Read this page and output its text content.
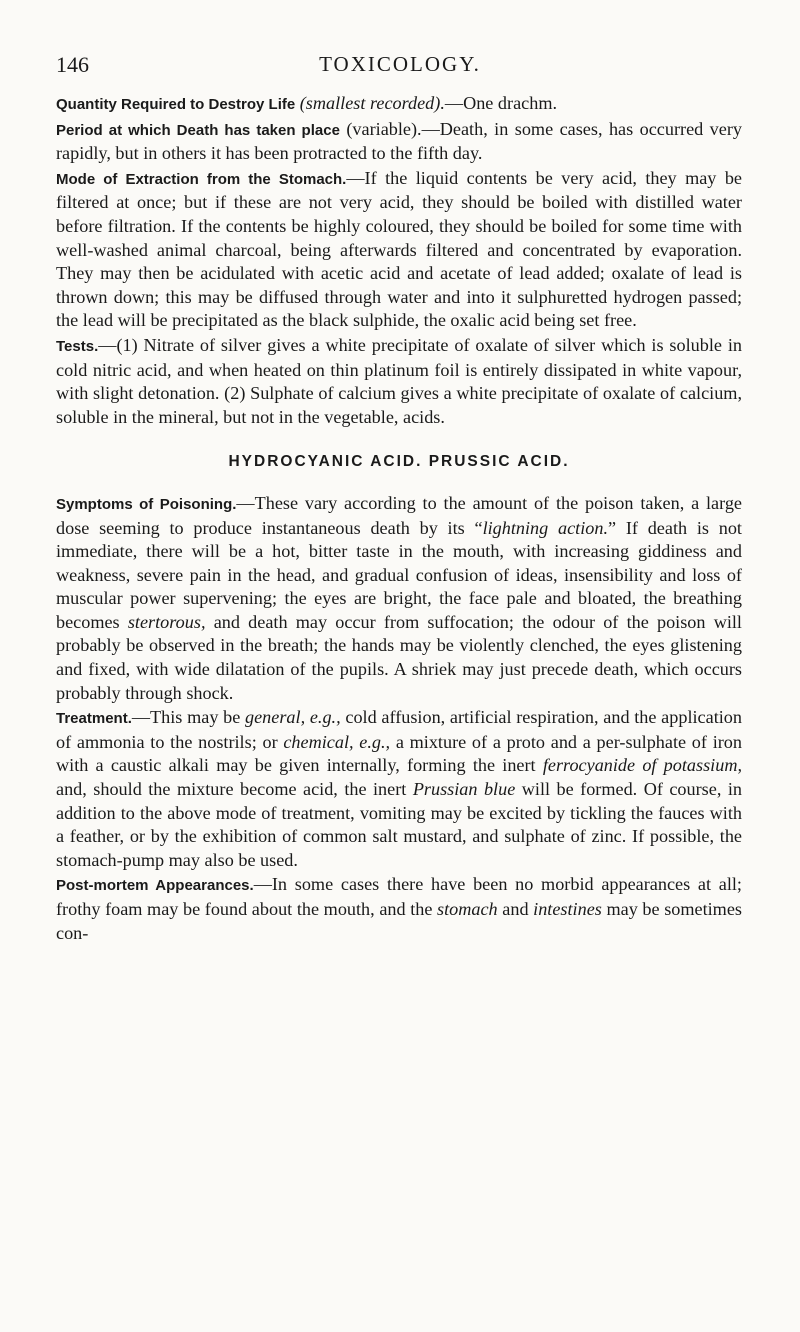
146	TOXICOLOGY.

Quantity Required to Destroy Life (smallest recorded).—One drachm.

Period at which Death has taken place (variable).—Death, in some cases, has occurred very rapidly, but in others it has been protracted to the fifth day.

Mode of Extraction from the Stomach.—If the liquid contents be very acid, they may be filtered at once; but if these are not very acid, they should be boiled with distilled water before filtration. If the contents be highly coloured, they should be boiled for some time with well-washed animal charcoal, being afterwards filtered and concentrated by evaporation. They may then be acidulated with acetic acid and acetate of lead added; oxalate of lead is thrown down; this may be diffused through water and into it sulphuretted hydrogen passed; the lead will be precipitated as the black sulphide, the oxalic acid being set free.

Tests.—(1) Nitrate of silver gives a white precipitate of oxalate of silver which is soluble in cold nitric acid, and when heated on thin platinum foil is entirely dissipated in white vapour, with slight detonation. (2) Sulphate of calcium gives a white precipitate of oxalate of calcium, soluble in the mineral, but not in the vegetable, acids.

HYDROCYANIC ACID. PRUSSIC ACID.

Symptoms of Poisoning.—These vary according to the amount of the poison taken, a large dose seeming to produce instantaneous death by its “lightning action.” If death is not immediate, there will be a hot, bitter taste in the mouth, with increasing giddiness and weakness, severe pain in the head, and gradual confusion of ideas, insensibility and loss of muscular power supervening; the eyes are bright, the face pale and bloated, the breathing becomes stertorous, and death may occur from suffocation; the odour of the poison will probably be observed in the breath; the hands may be violently clenched, the eyes glistening and fixed, with wide dilatation of the pupils. A shriek may just precede death, which occurs probably through shock.

Treatment.—This may be general, e.g., cold affusion, artificial respiration, and the application of ammonia to the nostrils; or chemical, e.g., a mixture of a proto and a per-sulphate of iron with a caustic alkali may be given internally, forming the inert ferrocyanide of potassium, and, should the mixture become acid, the inert Prussian blue will be formed. Of course, in addition to the above mode of treatment, vomiting may be excited by tickling the fauces with a feather, or by the exhibition of common salt mustard, and sulphate of zinc. If possible, the stomach-pump may also be used.

Post-mortem Appearances.—In some cases there have been no morbid appearances at all; frothy foam may be found about the mouth, and the stomach and intestines may be sometimes con-
